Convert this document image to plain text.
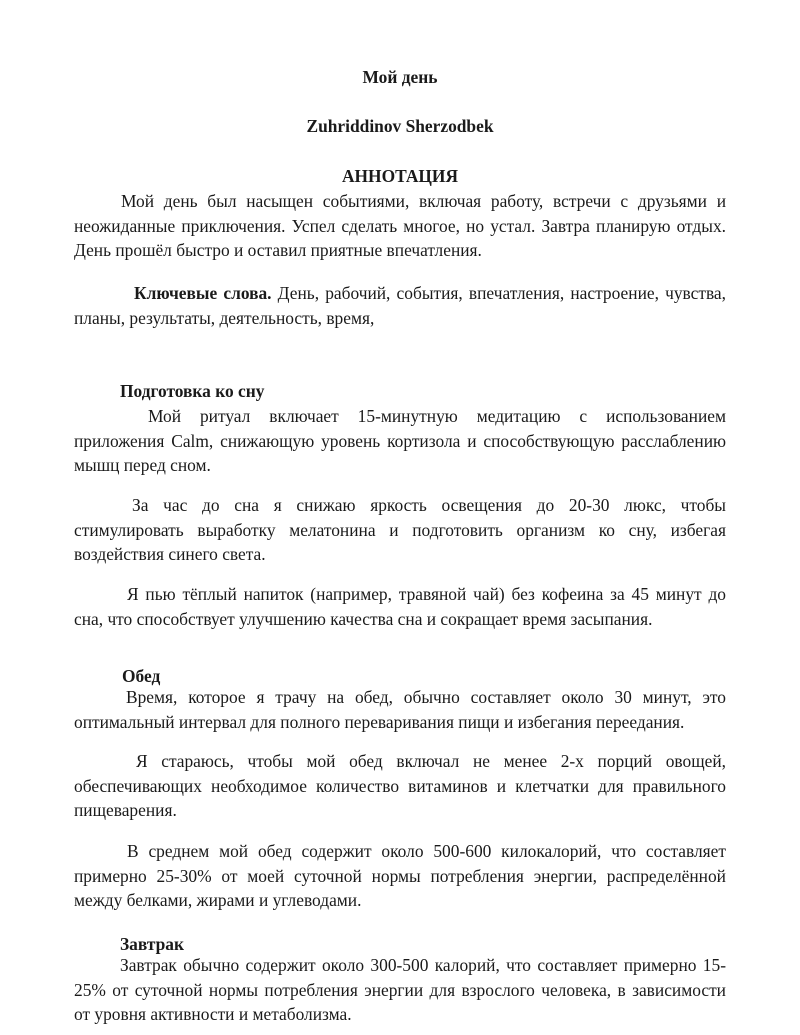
Мой день

Zuhriddinov Sherzodbek

АННОТАЦИЯ

Мой день был насыщен событиями, включая работу, встречи с друзьями и неожиданные приключения. Успел сделать многое, но устал. Завтра планирую отдых. День прошёл быстро и оставил приятные впечатления.

Ключевые слова. День, рабочий, события, впечатления, настроение, чувства, планы, результаты, деятельность, время,

Подготовка ко сну

Мой ритуал включает 15-минутную медитацию с использованием приложения Calm, снижающую уровень кортизола и способствующую расслаблению мышц перед сном.

За час до сна я снижаю яркость освещения до 20-30 люкс, чтобы стимулировать выработку мелатонина и подготовить организм ко сну, избегая воздействия синего света.

Я пью тёплый напиток (например, травяной чай) без кофеина за 45 минут до сна, что способствует улучшению качества сна и сокращает время засыпания.

Обед

Время, которое я трачу на обед, обычно составляет около 30 минут, это оптимальный интервал для полного переваривания пищи и избегания переедания.

Я стараюсь, чтобы мой обед включал не менее 2-х порций овощей, обеспечивающих необходимое количество витаминов и клетчатки для правильного пищеварения.

В среднем мой обед содержит около 500-600 килокалорий, что составляет примерно 25-30% от моей суточной нормы потребления энергии, распределённой между белками, жирами и углеводами.

Завтрак

Завтрак обычно содержит около 300-500 калорий, что составляет примерно 15-25% от суточной нормы потребления энергии для взрослого человека, в зависимости от уровня активности и метаболизма.
